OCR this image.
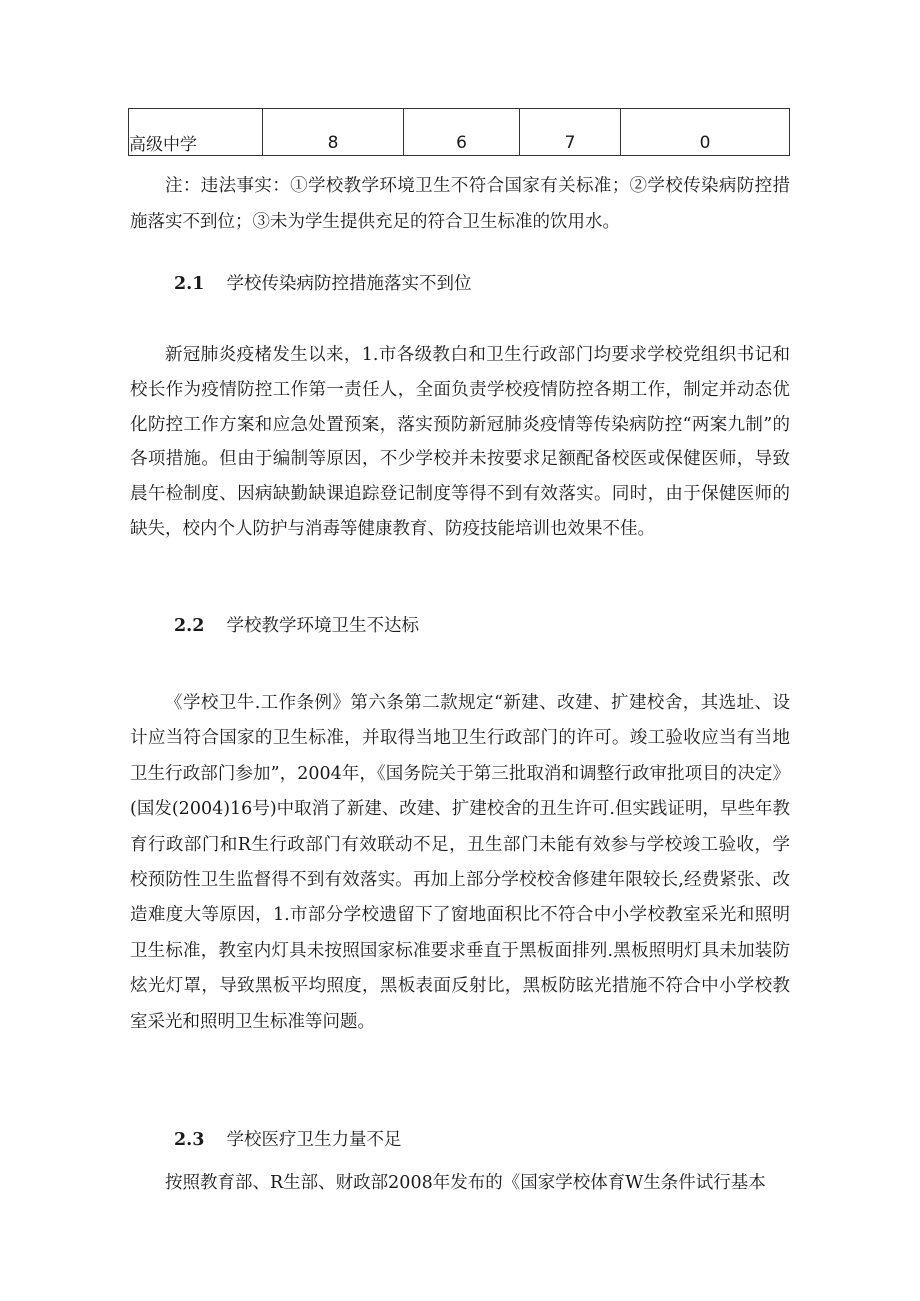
高级中学	8	6	7	0

注：违法事实：①学校教学环境卫生不符合国家有关标准；②学校传染病防控措施落实不到位；③未为学生提供充足的符合卫生标准的饮用水。

2.1 学校传染病防控措施落实不到位

新冠肺炎疫楮发生以来，1.市各级教白和卫生行政部门均要求学校党组织书记和校长作为疫情防控工作第一责任人，全面负责学校疫情防控各期工作，制定并动态优化防控工作方案和应急处置预案，落实预防新冠肺炎疫情等传染病防控“两案九制”的各项措施。但由于编制等原因，不少学校并未按要求足额配备校医或保健医师，导致晨午检制度、因病缺勤缺课追踪登记制度等得不到有效落实。同时，由于保健医师的缺失，校内个人防护与消毒等健康教育、防疫技能培训也效果不佳。

2.2 学校教学环境卫生不达标

《学校卫牛.工作条例》第六条第二款规定“新建、改建、扩建校舍，其选址、设计应当符合国家的卫生标准，并取得当地卫生行政部门的许可。竣工验收应当有当地卫生行政部门参加”，2004年，《国务院关于第三批取消和调整行政审批项目的决定》(国发(2004)16号)中取消了新建、改建、扩建校舍的丑生许可.但实践证明，早些年教育行政部门和R生行政部门有效联动不足，丑生部门未能有效参与学校竣工验收，学校预防性卫生监督得不到有效落实。再加上部分学校校舍修建年限较长,经费紧张、改造难度大等原因，1.市部分学校遗留下了窗地面积比不符合中小学校教室采光和照明卫生标准，教室内灯具未按照国家标准要求垂直于黑板面排列.黑板照明灯具未加装防炫光灯罩，导致黑板平均照度，黑板表面反射比，黑板防眩光措施不符合中小学校教室采光和照明卫生标准等问题。

2.3 学校医疗卫生力量不足

按照教育部、R生部、财政部2008年发布的《国家学校体育W生条件试行基本
